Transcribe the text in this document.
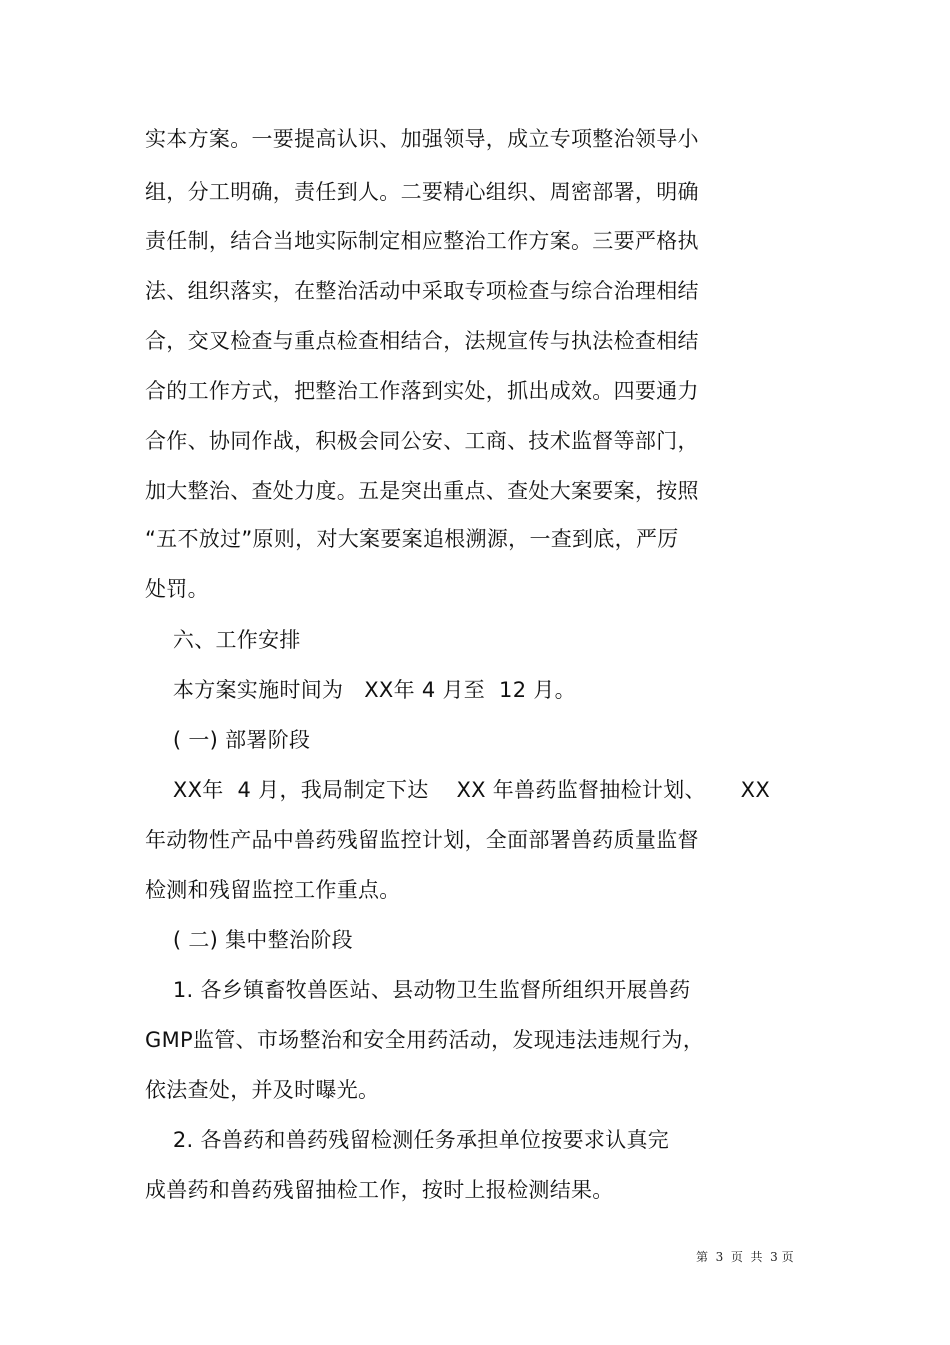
实本方案。一要提高认识、加强领导，成立专项整治领导小
组，分工明确，责任到人。二要精心组织、周密部署，明确
责任制，结合当地实际制定相应整治工作方案。三要严格执
法、组织落实，在整治活动中采取专项检查与综合治理相结
合，交叉检查与重点检查相结合，法规宣传与执法检查相结
合的工作方式，把整治工作落到实处，抓出成效。四要通力
合作、协同作战，积极会同公安、工商、技术监督等部门，
加大整治、查处力度。五是突出重点、查处大案要案，按照
“五不放过”原则，对大案要案追根溯源，一查到底，严厉
处罚。
六、工作安排
本方案实施时间为   XX年 4 月至  12 月。
( 一) 部署阶段
XX年  4 月，我局制定下达    XX 年兽药监督抽检计划、     XX
年动物性产品中兽药残留监控计划，全面部署兽药质量监督
检测和残留监控工作重点。
( 二) 集中整治阶段
1. 各乡镇畜牧兽医站、县动物卫生监督所组织开展兽药
GMP监管、市场整治和安全用药活动，发现违法违规行为，
依法查处，并及时曝光。
2. 各兽药和兽药残留检测任务承担单位按要求认真完
成兽药和兽药残留抽检工作，按时上报检测结果。
第  3  页  共  3 页
